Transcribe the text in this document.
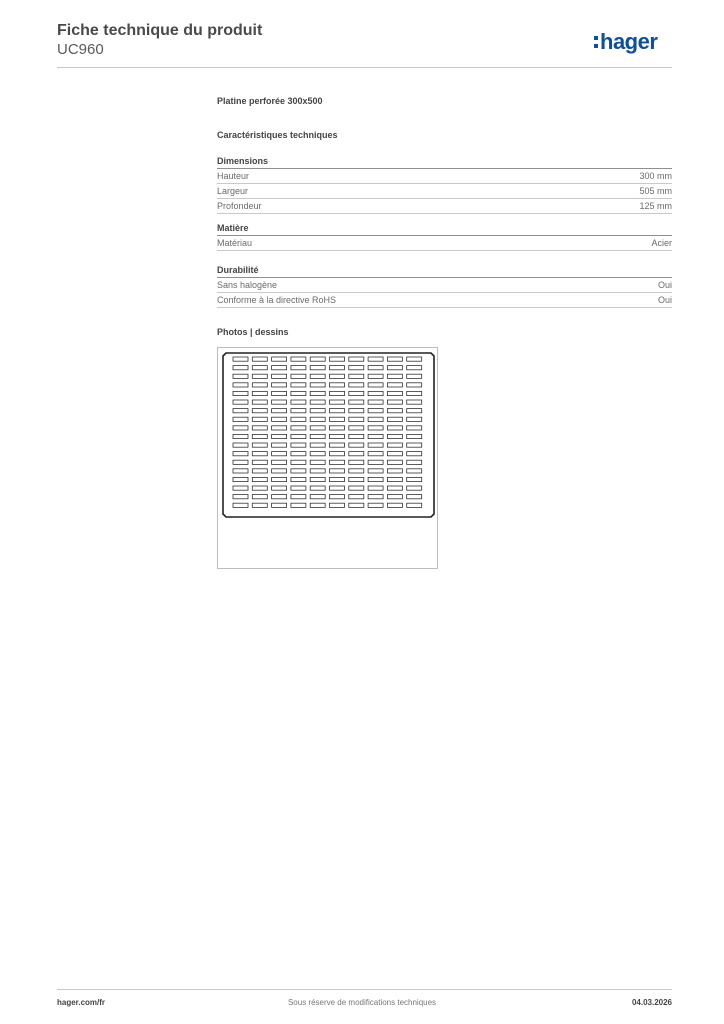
Fiche technique du produit
UC960	hager
Platine perforée 300x500
Caractéristiques techniques
Dimensions
Hauteur	300 mm
Largeur	505 mm
Profondeur	125 mm
Matière
Matériau	Acier
Durabilité
Sans halogène	Oui
Conforme à la directive RoHS	Oui
Photos | dessins
hager.com/fr	Sous réserve de modifications techniques	04.03.2026
